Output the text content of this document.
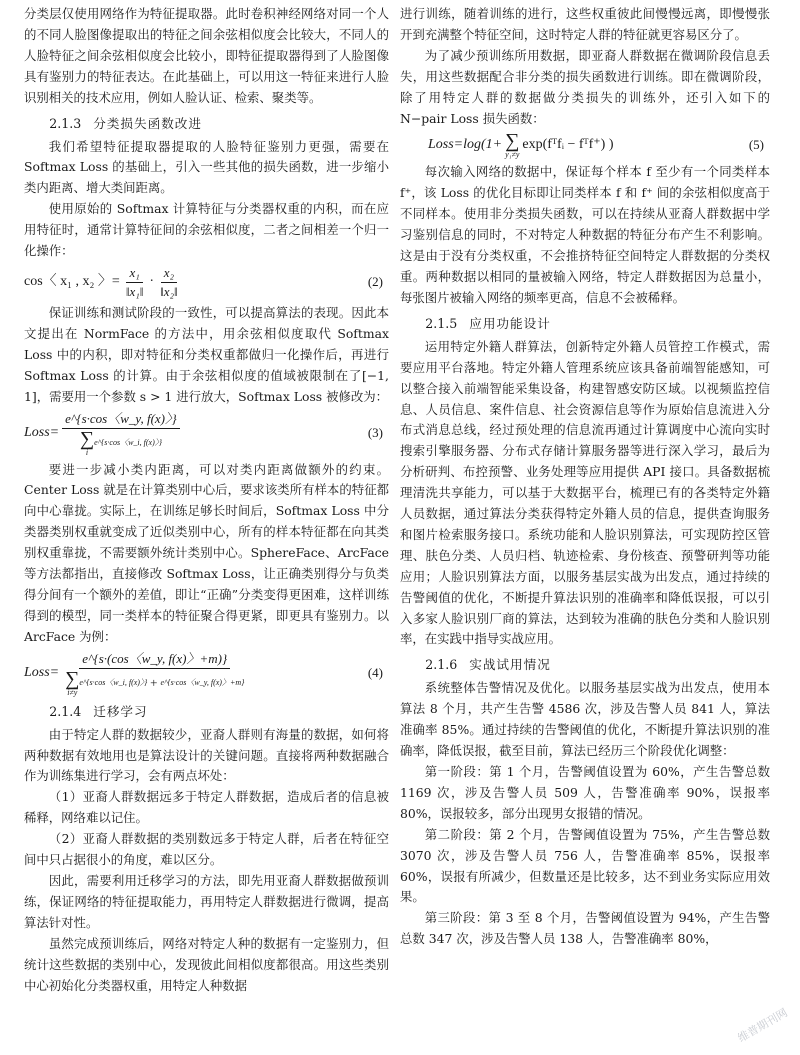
分类层仅使用网络作为特征提取器。此时卷积神经网络对同一个人的不同人脸图像提取出的特征之间余弦相似度会比较大，不同人的人脸特征之间余弦相似度会比较小，即特征提取器得到了人脸图像具有鉴别力的特征表达。在此基础上，可以用这一特征来进行人脸识别相关的技术应用，例如人脸认证、检索、聚类等。

2.1.3 分类损失函数改进

我们希望特征提取器提取的人脸特征鉴别力更强，需要在 Softmax Loss 的基础上，引入一些其他的损失函数，进一步缩小类内距离、增大类间距离。

使用原始的 Softmax 计算特征与分类器权重的内积，而在应用特征时，通常计算特征间的余弦相似度，二者之间相差一个归一化操作：

cos〈 x₁ , x₂ 〉= $\frac{\text{x₁}}{\text{‖x₁‖}} \cdot \frac{\text{x₂}}{\text{‖x₂‖}}$	(2)

保证训练和测试阶段的一致性，可以提高算法的表现。因此本文提出在 NormFace 的方法中，用余弦相似度取代 Softmax Loss 中的内积，即对特征和分类权重都做归一化操作后，再进行 Softmax Loss 的计算。由于余弦相似度的值域被限制在了[−1, 1]，需要用一个参数 s > 1 进行放大，Softmax Loss 被修改为：

Loss= e^{s·cos〈w_y, f(x)〉}
∑
i
e^{s·cos〈w_i, f(x)〉}	(3)

要进一步减小类内距离，可以对类内距离做额外的约束。Center Loss 就是在计算类别中心后，要求该类所有样本的特征都向中心靠拢。实际上，在训练足够长时间后，Softmax Loss 中分类器类别权重就变成了近似类别中心，所有的样本特征都在向其类别权重靠拢，不需要额外统计类别中心。SphereFace、ArcFace 等方法都指出，直接修改 Softmax Loss，让正确类别得分与负类得分间有一个额外的差值，即让“正确”分类变得更困难，这样训练得到的模型，同一类样本的特征聚合得更紧，即更具有鉴别力。以 ArcFace 为例：

Loss=
e^{s·(cos〈w_y, f(x)〉+m)}
∑
i≠y
e^{s·cos〈w_i, f(x)〉} + e^{s·cos〈w_y, f(x)〉+m}
(4)
2.1.4 迁移学习

由于特定人群的数据较少，亚裔人群则有海量的数据，如何将两种数据有效地用也是算法设计的关键问题。直接将两种数据融合作为训练集进行学习，会有两点坏处：

（1）亚裔人群数据远多于特定人群数据，造成后者的信息被稀释，网络难以记住。

（2）亚裔人群数据的类别数远多于特定人群，后者在特征空间中只占据很小的角度，难以区分。

因此，需要利用迁移学习的方法，即先用亚裔人群数据做预训练，保证网络的特征提取能力，再用特定人群数据进行微调，提高算法针对性。

虽然完成预训练后，网络对特定人种的数据有一定鉴别力，但统计这些数据的类别中心，发现彼此间相似度都很高。用这些类别中心初始化分类器权重，用特定人种数据

进行训练，随着训练的进行，这些权重彼此间慢慢远离，即慢慢张开到充满整个特征空间，这时特定人群的特征就更容易区分了。

为了减少预训练所用数据，即亚裔人群数据在微调阶段信息丢失，用这些数据配合非分类的损失函数进行训练。即在微调阶段，除了用特定人群的数据做分类损失的训练外，还引入如下的 N−pair Loss 损失函数：

Loss=log(1+ ∑
y₁≠y
exp(fᵀfᵢ − fᵀf⁺) )	(5)

每次输入网络的数据中，保证每个样本 f 至少有一个同类样本 f⁺，该 Loss 的优化目标即让同类样本 f 和 f⁺ 间的余弦相似度高于不同样本。使用非分类损失函数，可以在持续从亚裔人群数据中学习鉴别信息的同时，不对特定人种数据的特征分布产生不利影响。这是由于没有分类权重，不会推挤特征空间特定人群数据的分类权重。两种数据以相同的量被输入网络，特定人群数据因为总量小，每张图片被输入网络的频率更高，信息不会被稀释。

2.1.5 应用功能设计

运用特定外籍人群算法，创新特定外籍人员管控工作模式，需要应用平台落地。特定外籍人管理系统应该具备前端智能感知，可以整合接入前端智能采集设备，构建智感安防区域。以视频监控信息、人员信息、案件信息、社会资源信息等作为原始信息流进入分布式消息总线，经过预处理的信息流再通过计算调度中心流向实时搜索引擎服务器、分布式存储计算服务器等进行深入学习，最后为分析研判、布控预警、业务处理等应用提供 API 接口。具备数据梳理清洗共享能力，可以基于大数据平台，梳理已有的各类特定外籍人员数据，通过算法分类获得特定外籍人员的信息，提供查询服务和图片检索服务接口。系统功能和人脸识别算法，可实现防控区管理、肤色分类、人员归档、轨迹检索、身份核查、预警研判等功能应用；人脸识别算法方面，以服务基层实战为出发点，通过持续的告警阈值的优化，不断提升算法识别的准确率和降低误报，可以引入多家人脸识别厂商的算法，达到较为准确的肤色分类和人脸识别率，在实践中指导实战应用。

2.1.6 实战试用情况

系统整体告警情况及优化。以服务基层实战为出发点，使用本算法 8 个月，共产生告警 4586 次，涉及告警人员 841 人，算法准确率 85%。通过持续的告警阈值的优化，不断提升算法识别的准确率，降低误报，截至目前，算法已经历三个阶段优化调整：

第一阶段：第 1 个月，告警阈值设置为 60%，产生告警总数 1169 次，涉及告警人员 509 人，告警准确率 90%，误报率 80%，误报较多，部分出现男女报错的情况。

第二阶段：第 2 个月，告警阈值设置为 75%，产生告警总数 3070 次，涉及告警人员 756 人，告警准确率 85%，误报率 60%，误报有所减少，但数量还是比较多，达不到业务实际应用效果。

第三阶段：第 3 至 8 个月，告警阈值设置为 94%，产生告警总数 347 次，涉及告警人员 138 人，告警准确率 80%，

维普期刊网
